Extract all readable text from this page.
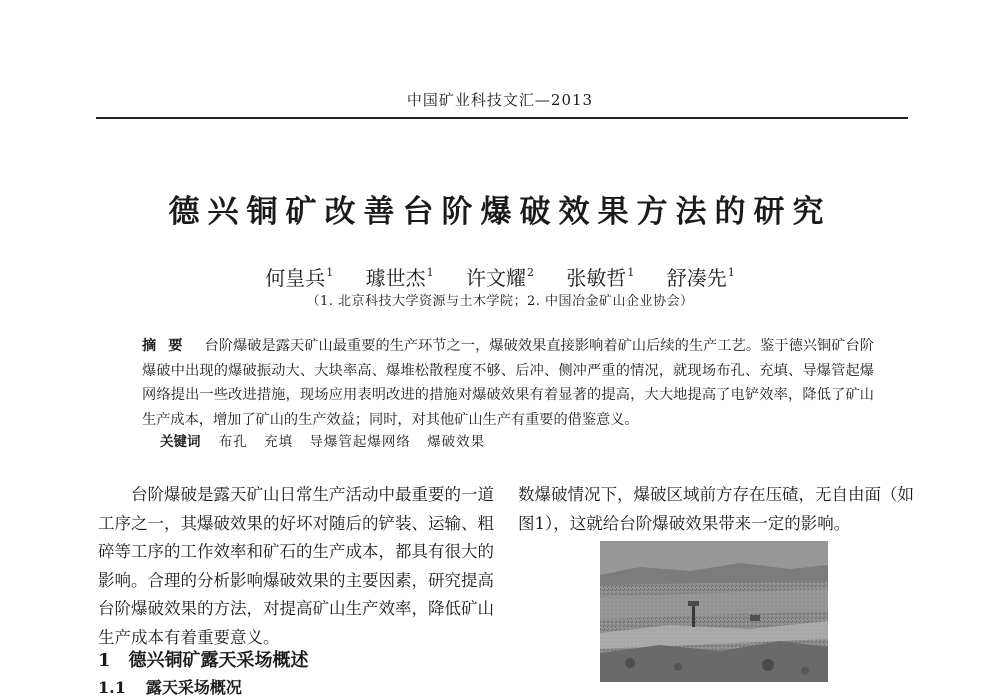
中国矿业科技文汇—2013
德兴铜矿改善台阶爆破效果方法的研究
何皇兵$^1$ 璩世杰$^1$ 许文耀$^2$ 张敏哲$^1$ 舒凑先$^1$
（1. 北京科技大学资源与土木学院；2. 中国冶金矿山企业协会）
摘要 台阶爆破是露天矿山最重要的生产环节之一，爆破效果直接影响着矿山后续的生产工艺。鉴于德兴铜矿台阶爆破中出现的爆破振动大、大块率高、爆堆松散程度不够、后冲、侧冲严重的情况，就现场布孔、充填、导爆管起爆网络提出一些改进措施，现场应用表明改进的措施对爆破效果有着显著的提高，大大地提高了电铲效率，降低了矿山生产成本，增加了矿山的生产效益；同时，对其他矿山生产有重要的借鉴意义。
关键词 布孔 充填 导爆管起爆网络 爆破效果

台阶爆破是露天矿山日常生产活动中最重要的一道工序之一，其爆破效果的好坏对随后的铲装、运输、粗碎等工序的工作效率和矿石的生产成本，都具有很大的影响。合理的分析影响爆破效果的主要因素，研究提高台阶爆破效果的方法，对提高矿山生产效率，降低矿山生产成本有着重要意义。

1 德兴铜矿露天采场概述
1.1 露天采场概况

数爆破情况下，爆破区域前方存在压碴，无自由面（如图1），这就给台阶爆破效果带来一定的影响。
